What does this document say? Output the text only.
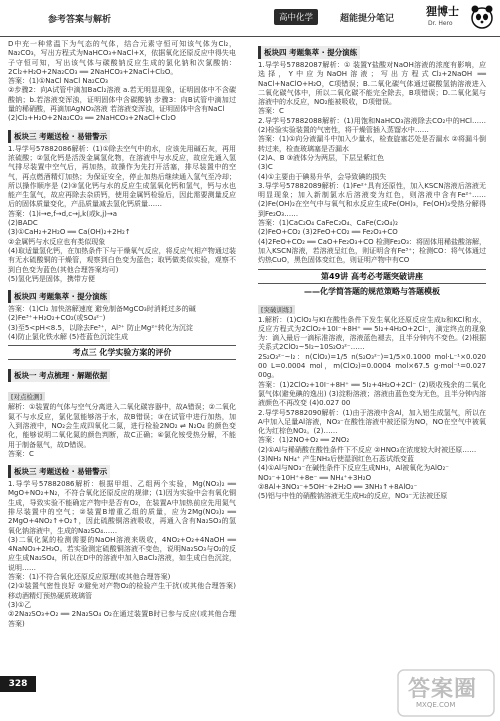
参考答案与解析	高中化学	超能提分笔记
狸博士
Dr. Hero

D中充一种常温下为气态的气体，结合元素守恒可知该气体为Cl₂，Na₂CO₃，写出方程式为NaHCO₃+NaCl+X，依据氧化还原反应中得失电子守恒可知，写出该气体与碳酸钠反应生成的氯化钠和次氯酸钠：2Cl₂+H₂O+2Na₂CO₃ ══ 2NaHCO₃+2NaCl+Cl₂O。

答案：(1)①NaCl NaCl Na₂CO₃

②步骤2：向A试管中滴加BaCl₂溶液 a.若无明显现象，证明固体中不含碳酸钠；b.若溶液变浑浊，证明固体中含碳酸钠 步骤3：向B试管中滴加过量的稀硝酸，再滴加AgNO₃溶液 若溶液变浑浊，证明固体中含有NaCl

(2)Cl₂+H₂O+2Na₂CO₃ ══ 2NaHCO₃+2NaCl+Cl₂O

板块三 考题送检 · 易错警示

1.导学号57882086解析：(1)①除去空气中的水，应该先用碱石灰，再用浓硫酸；②氢化钙是活泼金属氢化物，在溶液中与水反应，故应先通入氢气排尽装置中空气后，再加热，故操作为先打开活塞，排尽装置中的空气，再点燃酒精灯加热；为保证安全，停止加热后继续通入氢气至冷却；所以操作顺序是 (2)③氢化钙与水的反应生成氢氧化钙和氢气，钙与水也能产生氢气，故应再除去杂质钙，使用金属钙检验后，因此需要测量反应后的固体质量变化，产品质量减去氢化钙质量……

答案：(1)i→e,f→d,c→j,k(或k,j)→a

(2)BADC

(3)①CaH₂+2H₂O ══ Ca(OH)₂+2H₂↑

②金属钙与水反应也有类似现象

(4)取适量氢化钙，在加热条件下与干燥氧气反应，将反应气相产物通过装有无水硫酸铜的干燥管，观察到白色变为蓝色；取钙做类似实验，观察不到白色变为蓝色(其他合理答案均可)

(5)氢化钙是固体，携带方便

板块四 考题集萃 · 提分演练

答案：(1)Cl₂ 加快溶解速度 避免制备MgCO₃时消耗过多的碱

(2)Fe³⁺+H₂O₂+CO₂(或SO₄²⁻)

(3)至5<pH<8.5，以除去Fe³⁺，Al³⁺ 防止Mg²⁺转化为沉淀

(4)防止氯化铁水解 (5)苍蓝色沉淀生成

考点三 化学实验方案的评价
板块一 考点梳理 · 解题依据
[对点检测]

解析：①装置的气体与空气分离进入二氧化碳容器中，故A错误；②二氧化氮不与水反应，氯化氢能够溶于水，故B错误；③在试管中进行加热，加入到溶液中，NO₂会生成四氧化二氮，进行检验2NO₂ ⇌ N₂O₄ 的颜色变化，能够说明二氧化氮的颜色判断，故C正确；④氯化铵受热分解，不能用于制备氨气，故D错误。

答案：C

板块三 考题送检 · 易错警示

1.导学号57882086解析：根据甲组、乙组两个实验，Mg(NO₃)₂ ══ MgO+NO₂+N₂，不符合氧化还原反应的规律；(1)因为实验中会有氧化铜生成，导致实验不能确定产物中是否有O₂，在装置A中加热前应先用氮气排尽装置中的空气；②装置B增重乙组的质量，应为2Mg(NO₃)₂ ══ 2MgO+4NO₂↑+O₂↑，因此硫酸铜溶液吸收，再通入含有Na₂SO₃的氢氧化钠溶液中，生成的Na₂SO₄……

(3)二氧化氮的检测需要的NaOH溶液来吸收，4NO₂+O₂+4NaOH ══ 4NaNO₃+2H₂O。若实验测定硫酸铜溶液不变色，说明Na₂SO₃与O₂的反应生成Na₂SO₄，所以在D中的溶液中加入BaCl₂溶液，如生成白色沉淀，说明……

答案：(1)不符合氧化还原反应原理(或其他合理答案)

(2)①装置气密性良好 ②避免对产物O₂的检验产生干扰(或其他合理答案) 移动酒精灯预热硬质玻璃管

(3)①乙

②2Na₂SO₃+O₂ ══ 2Na₂SO₄ O₂在通过装置B时已参与反应(或其他合理答案)

板块四 考题集萃 · 提分演练

1.导学号57882087解析：① 装置Y盐酸对NaOH溶液的浓度有影响，应选择，Y中应为NaOH溶液；写出方程式Cl₂+2NaOH ══ NaCl+NaClO+H₂O，C项错误；B.二氧化碳气体通过碳酸氢钠溶液进入二氧化碳气体中，所以二氧化碳不能完全除去，B项错误；D.二氧化氮与溶液中的水反应，NO₂能被吸收，D项错误。

答案：C

2.导学号57882088解析：(1)用饱和NaHCO₃溶液除去CO₂中的HCl……(2)检验实验装置的气密性，将干燥管插入蒸馏水中……

答案：(1)①向分液漏斗中加入少量水，检查旋塞芯处是否漏水 ②将漏斗倒转过来，检查玻璃塞是否漏水

(2)A、B ③液体分为两层，下层呈紫红色

(3)C

(4)①主要由于碘易升华，会导致碘的损失

3.导学号57882089解析：(1)Fe²⁺具有还原性，加入KSCN溶液后溶液无明显现象；加入新制氯水后溶液变为红色，则溶液中含有Fe²⁺……(2)Fe(OH)₂在空气中与氧气和水反应生成Fe(OH)₃，Fe(OH)₃受热分解得到Fe₂O₃……

答案：(1)CaC₂O₄ CaFeC₂O₄、CaFe(C₂O₄)₂

(2)FeO+CO₂ (3)2FeO+CO₂ ══ Fe₂O₃+CO

(4)2FeO+CO₂ ══ CaO+Fe₂O₃+CO 检测Fe₂O₃：将固体用稀盐酸溶解，加入KSCN溶液，若溶液呈红色，则证明含有Fe³⁺；检测CO：将气体通过灼热CuO，黑色固体变红色，则证明产物中有CO

第49讲 高考必考题突破讲座
——化学简答题的规范策略与答题模板
[突破训练]

1.解析：(1)ClO₂与KI在酸性条件下发生氧化还原反应生成I₂和KCl和水，反应方程式为2ClO₂+10I⁻+8H⁺ ══ 5I₂+4H₂O+2Cl⁻，滴定终点的现象为：滴入最后一滴标准溶液，溶液蓝色褪去，且半分钟内不变色。(2)根据关系式2ClO₂~5I₂~10S₂O₃²⁻……

2S₂O₃²⁻~I₂：n(ClO₂)=1/5 n(S₂O₃²⁻)=1/5×0.1000 mol·L⁻¹×0.020 00 L=0.0004 mol，m(ClO₂)=0.0004 mol×67.5 g·mol⁻¹=0.027 00g。

答案：(1)2ClO₂+10I⁻+8H⁺ ══ 5I₂+4H₂O+2Cl⁻ (2)吸收残余的二氧化氯气体(避免碘的逸出) (3)淀粉溶液；溶液由蓝色变为无色，且半分钟内溶液颜色不再改变 (4)0.027 00

2.导学号57882090解析：(1)由于溶液中含Al，加入铝生成氢气，所以在A中加入足量Al溶液，NO₃⁻在酸性溶液中被还原为NO，NO在空气中被氧化为红棕色NO₂。(2)……

答案：(1)2NO+O₂ ══ 2NO₂

(2)①Al与稀硝酸在酸性条件下不反应 ②HNO₃在浓度较大时被还原……

(3)NH₃ NH₄⁺ 产生NH₃后使湿润红色石蕊试纸变蓝

(4)①Al与NO₃⁻在碱性条件下反应生成NH₃，Al被氧化为AlO₂⁻

NO₃⁻+10H⁺+8e⁻ ══ NH₄⁺+3H₂O

②8Al+3NO₃⁻+5OH⁻+2H₂O ══ 3NH₃↑+8AlO₂⁻

(5)铝与中性的硝酸钠溶液无生成H₂的反应，NO₃⁻无法被还原

328	答案圈
MXQE.COM
